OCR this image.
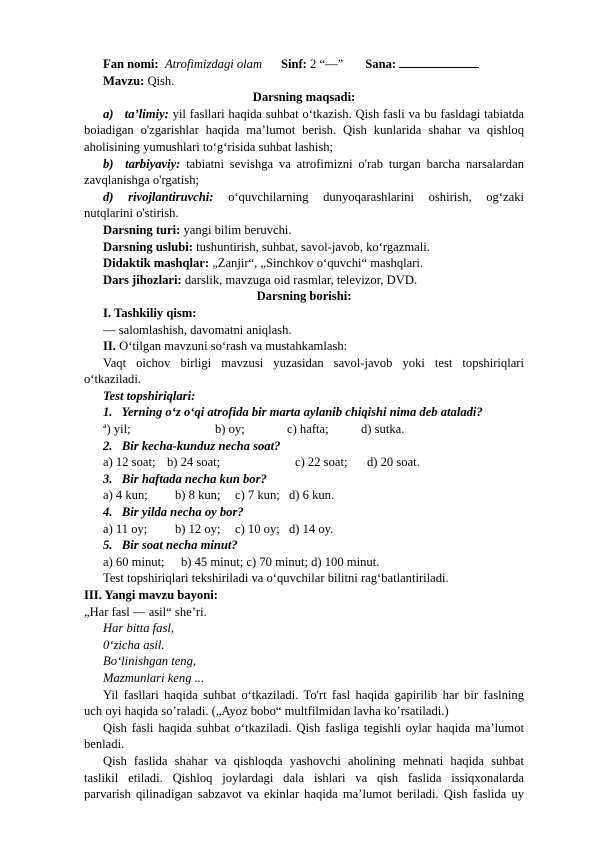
Fan nomi: Atrofimizdagi olam Sinf: 2 “––” Sana:
Mavzu: Qish.
Darsning maqsadi:
a) ta’limiy: yil fasllari haqida suhbat o‘tkazish. Qish fasli va bu fasldagi tabiatda
boiadigan o'zgarishlar haqida ma’lumot berish. Qish kunlarida shahar va qishloq
aholisining yumushlari to‘g‘risida suhbat lashish;
b) tarbiyaviy: tabiatni sevishga va atrofimizni o'rab turgan barcha narsalardan
zavqlanishga o'rgatish;
d) rivojlantiruvchi: o‘quvchilarning dunyoqarashlarini oshirish, og‘zaki
nutqlarini o'stirish.
Darsning turi: yangi bilim beruvchi.
Darsning uslubi: tushuntirish, suhbat, savol-javob, ko‘rgazmali.
Didaktik mashqlar: „Zanjir“, „Sinchkov o‘quvchi“ mashqlari.
Dars jihozlari: darslik, mavzuga oid rasmlar, televizor, DVD.
Darsning borishi:
I. Tashkiliy qism:
— salomlashish, davomatni aniqlash.
II. O‘tilgan mavzuni so‘rash va mustahkamlash:
Vaqt oichov birligi mavzusi yuzasidan savol-javob yoki test topshiriqlari
o‘tkaziladi.
Test topshiriqlari:
1. Yerning o‘z o‘qi atrofida bir marta aylanib chiqishi nima deb ataladi?
ª) yil;	b) oy;	c) hafta;	d) sutka.
2. Bir kecha-kunduz necha soat?
a) 12 soat; b) 24 soat;	c) 22 soat; d) 20 soat.
3. Bir haftada necha kun bor?
a) 4 kun; b) 8 kun; c) 7 kun; d) 6 kun.
4. Bir yilda necha oy bor?
a) 11 oy; b) 12 oy; c) 10 oy; d) 14 oy.
5. Bir soat necha minut?
a) 60 minut; b) 45 minut; c) 70 minut; d) 100 minut.
Test topshiriqlari tekshiriladi va o‘quvchilar bilitni rag‘batlantiriladi.
III. Yangi mavzu bayoni:
„Har fasl — asil“ she’ri.
Har bitta fasl,
0‘zicha asil.
Bo‘linishgan teng,
Mazmunlari keng ...
Yil fasllari haqida suhbat o‘tkaziladi. To'rt fasl haqida gapirilib har bir faslning
uch oyi haqida so’raladi. („Ayoz bobo“ multfilmidan lavha ko’rsatiladi.)
Qish fasli haqida suhbat o‘tkaziladi. Qish fasliga tegishli oylar haqida ma’lumot
benladi.
Qish faslida shahar va qishloqda yashovchi aholining mehnati haqida suhbat
taslikil etiladi. Qishloq joylardagi dala ishlari va qish faslida issiqxonalarda
parvarish qilinadigan sabzavot va ekinlar haqida ma’lumot beriladi. Qish faslida uy
